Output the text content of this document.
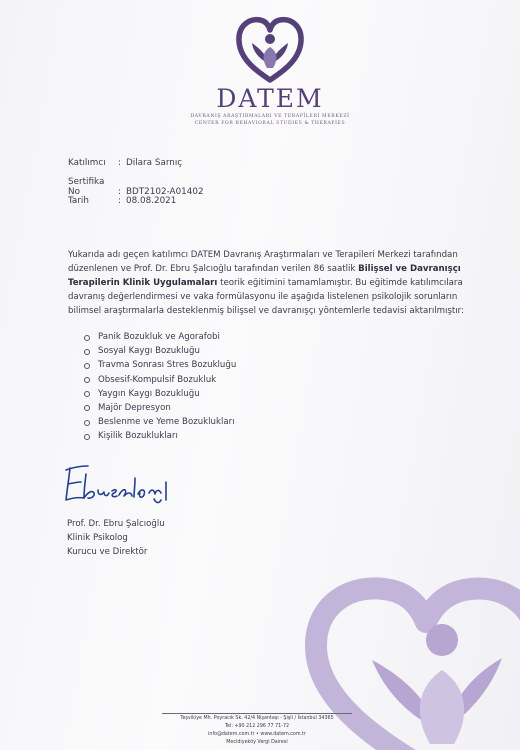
DATEM
DAVRANIŞ ARAŞTIRMALARI VE TERAPİLERİ MERKEZİ
CENTER FOR BEHAVIORAL STUDIES & THERAPIES
Katılımcı : Dilara Sarnıç
Sertifika No	: BDT2102-A01402
Tarih	: 08.08.2021
Yukarıda adı geçen katılımcı DATEM Davranış Araştırmaları ve Terapileri Merkezi tarafından düzenlenen ve Prof. Dr. Ebru Şalcıoğlu tarafından verilen 86 saatlik Bilişsel ve Davranışçı Terapilerin Klinik Uygulamaları teorik eğitimini tamamlamıştır. Bu eğitimde katılımcılara davranış değerlendirmesi ve vaka formülasyonu ile aşağıda listelenen psikolojik sorunların bilimsel araştırmalarla desteklenmiş bilişsel ve davranışçı yöntemlerle tedavisi aktarılmıştır:
Panik Bozukluk ve Agorafobi
Sosyal Kaygı Bozukluğu
Travma Sonrası Stres Bozukluğu
Obsesif-Kompulsif Bozukluk
Yaygın Kaygı Bozukluğu
Majör Depresyon
Beslenme ve Yeme Bozuklukları
Kişilik Bozuklukları
Prof. Dr. Ebru Şalcıoğlu
Klinik Psikolog
Kurucu ve Direktör
Teşvikiye Mh. Poyracık Sk. 42/4 Nişantaşı - Şişli / İstanbul 34365
Tel: +90 212 296 77 71-72
info@datem.com.tr • www.datem.com.tr
Mecidiyeköy Vergi Dairesi
